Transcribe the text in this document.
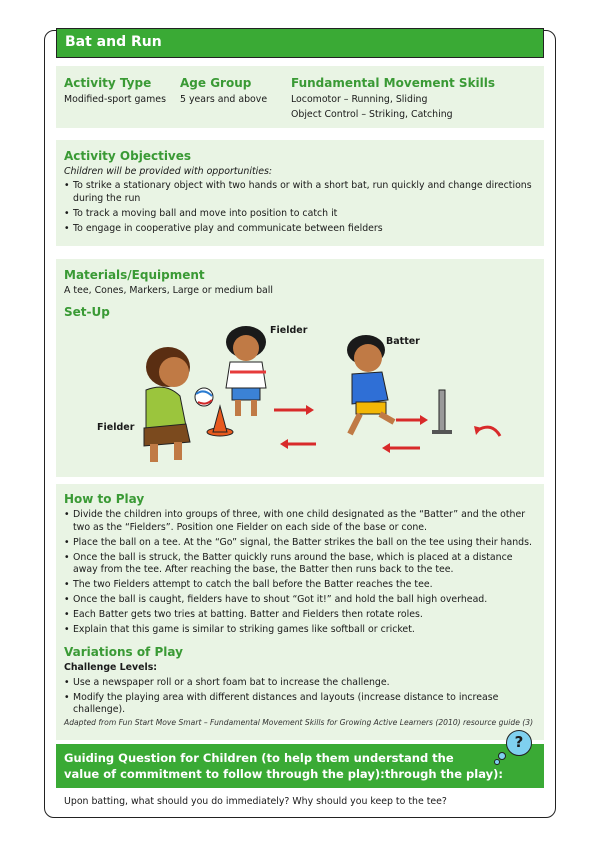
Bat and Run

Activity Type

Modified-sport games

Age Group

5 years and above

Fundamental Movement Skills

Locomotor – Running, Sliding

Object Control – Striking, Catching

Activity Objectives

Children will be provided with opportunities:

• To strike a stationary object with two hands or with a short bat, run quickly and change directions during the run
• To track a moving ball and move into position to catch it
• To engage in cooperative play and communicate between fielders

Materials/Equipment

A tee, Cones, Markers, Large or medium ball

Set-Up

Fielder
Batter
Fielder

How to Play

• Divide the children into groups of three, with one child designated as the “Batter” and the other two as the “Fielders”. Position one Fielder on each side of the base or cone.
• Place the ball on a tee. At the “Go” signal, the Batter strikes the ball on the tee using their hands.
• Once the ball is struck, the Batter quickly runs around the base, which is placed at a distance away from the tee. After reaching the base, the Batter then runs back to the tee.
• The two Fielders attempt to catch the ball before the Batter reaches the tee.
• Once the ball is caught, fielders have to shout “Got it!” and hold the ball high overhead.
• Each Batter gets two tries at batting. Batter and Fielders then rotate roles.
• Explain that this game is similar to striking games like softball or cricket.

Variations of Play

Challenge Levels:

• Use a newspaper roll or a short foam bat to increase the challenge.
• Modify the playing area with different distances and layouts (increase distance to increase challenge).
Adapted from Fun Start Move Smart – Fundamental Movement Skills for Growing Active Learners (2010) resource guide (3)
Guiding Question for Children (to help them understand the
value of commitment to follow through the play):through the play):
?
Upon batting, what should you do immediately? Why should you keep to the tee?
